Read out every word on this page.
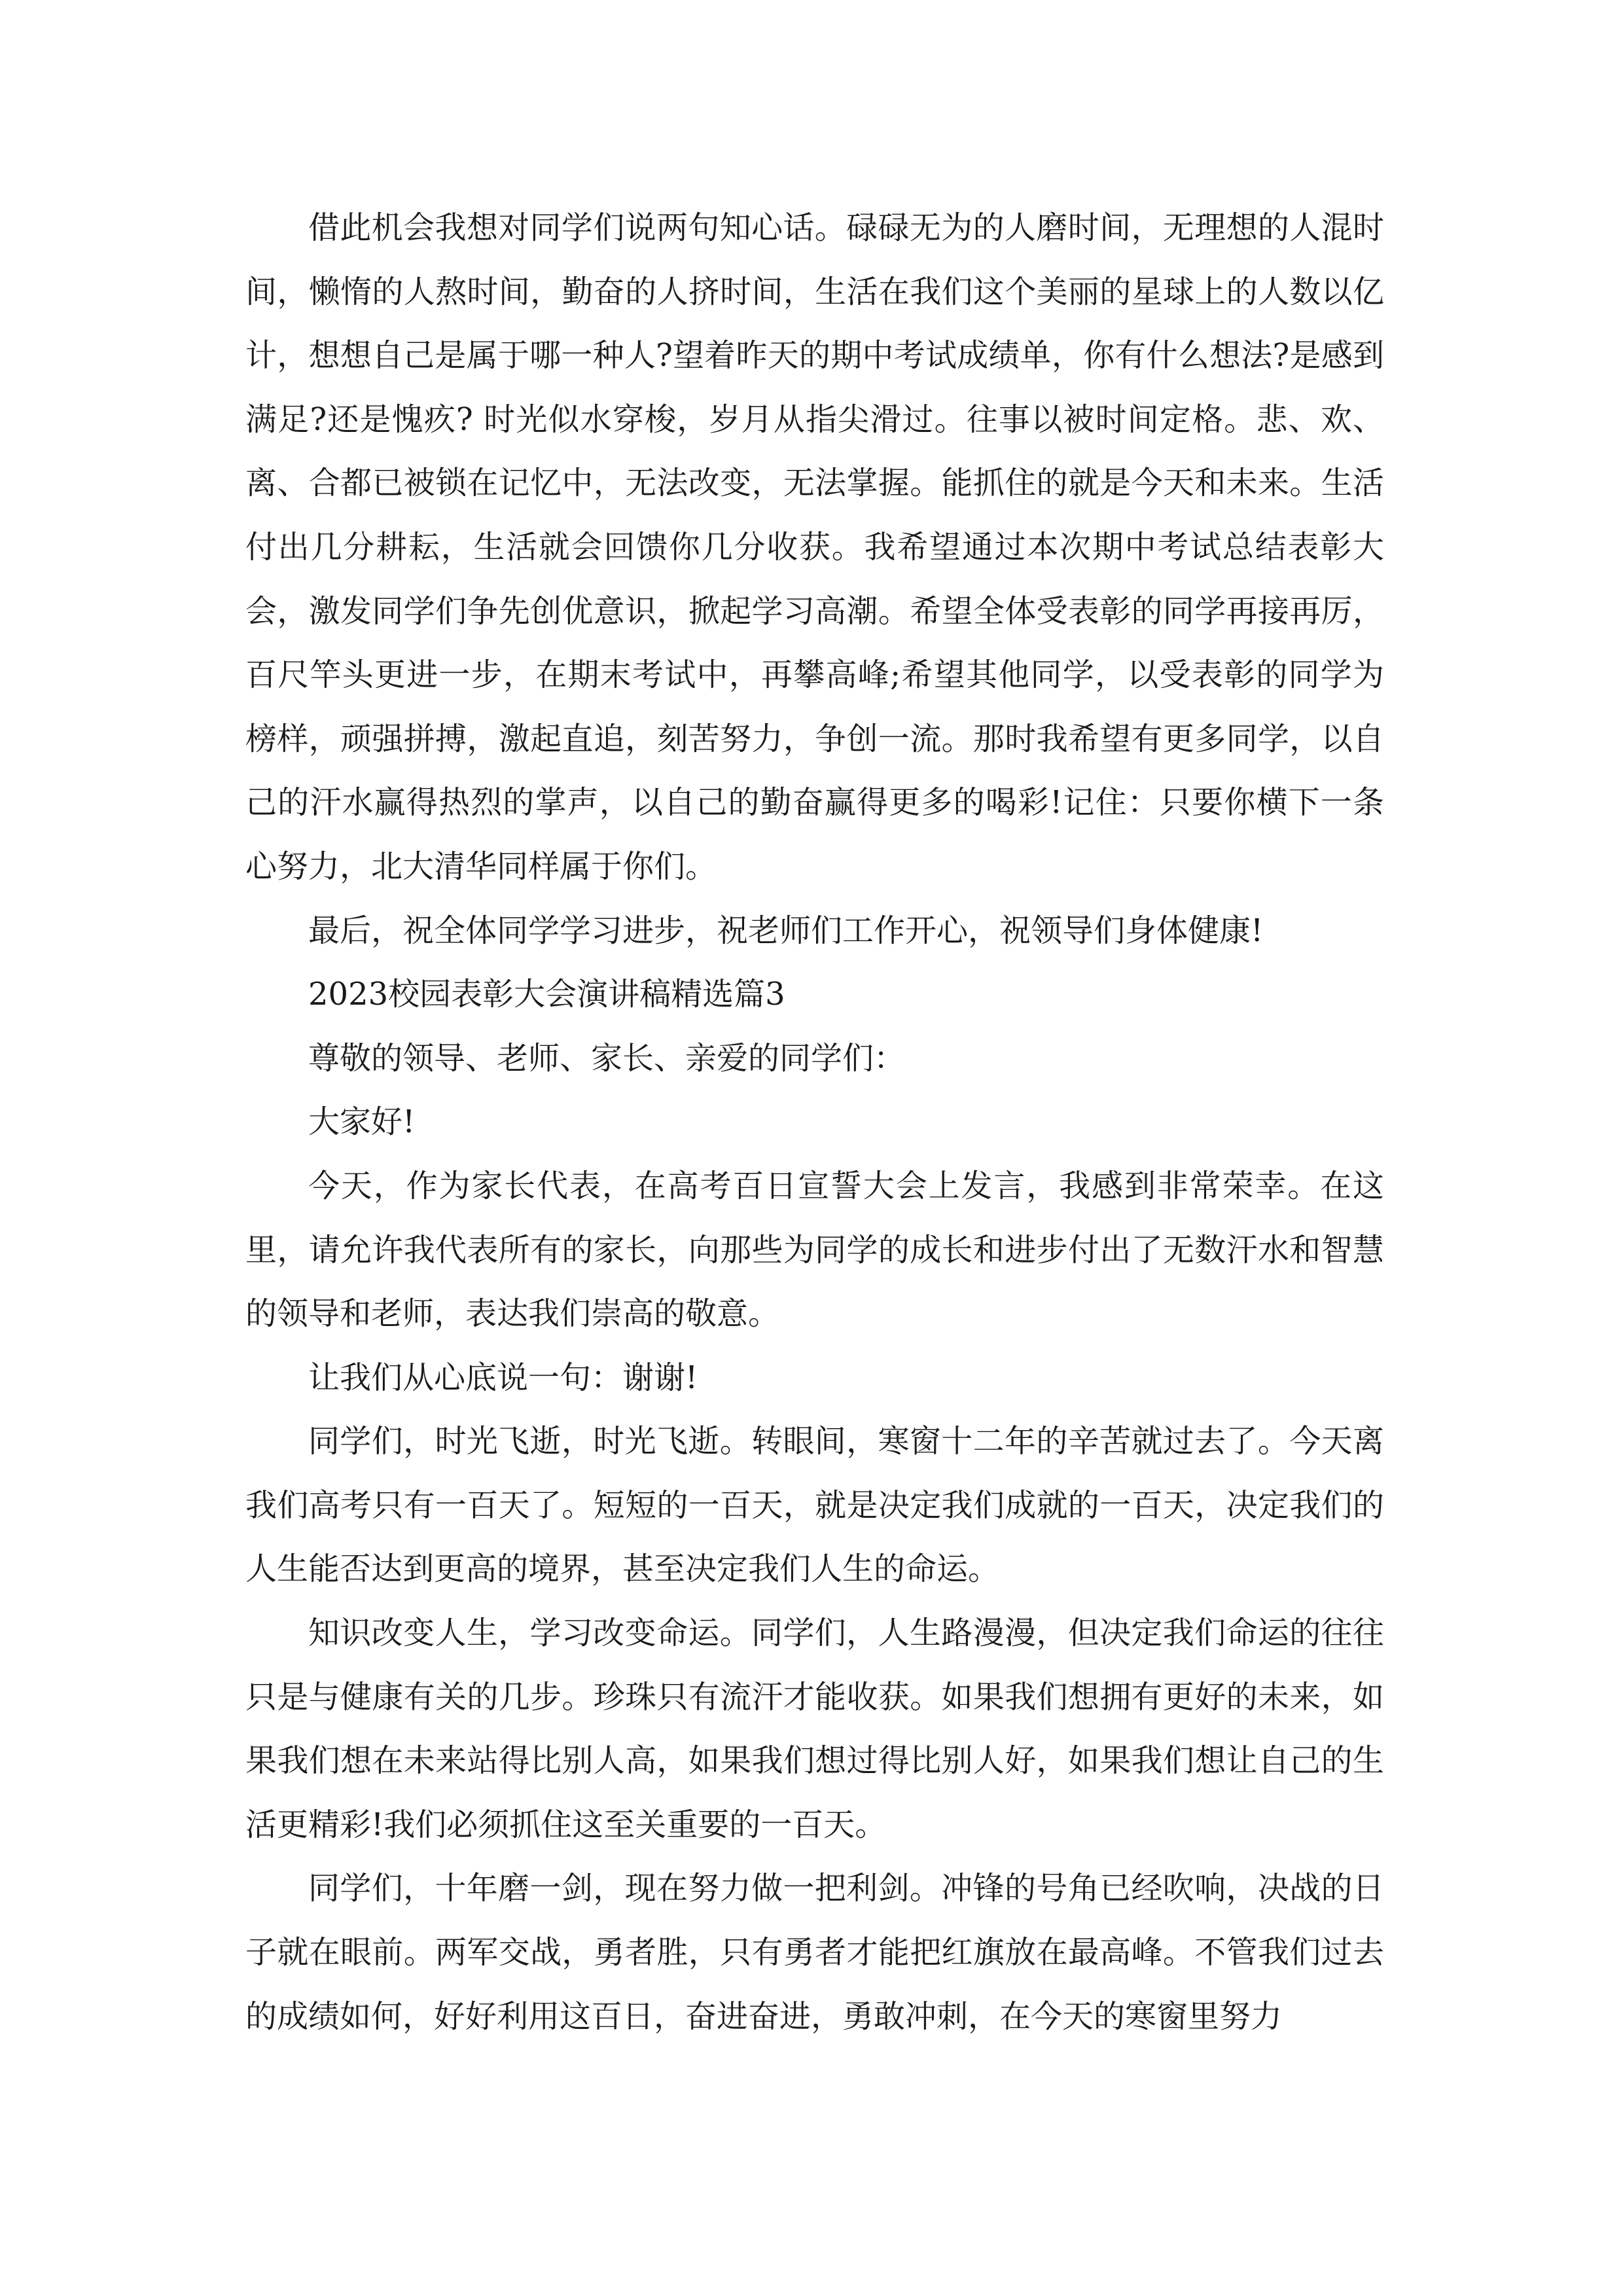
借此机会我想对同学们说两句知心话。碌碌无为的人磨时间，无理想的人混时间，懒惰的人熬时间，勤奋的人挤时间，生活在我们这个美丽的星球上的人数以亿计，想想自己是属于哪一种人?望着昨天的期中考试成绩单，你有什么想法?是感到满足?还是愧疚? 时光似水穿梭，岁月从指尖滑过。往事以被时间定格。悲、欢、离、合都已被锁在记忆中，无法改变，无法掌握。能抓住的就是今天和未来。生活付出几分耕耘，生活就会回馈你几分收获。我希望通过本次期中考试总结表彰大会，激发同学们争先创优意识，掀起学习高潮。希望全体受表彰的同学再接再厉，百尺竿头更进一步，在期末考试中，再攀高峰;希望其他同学，以受表彰的同学为榜样，顽强拼搏，激起直追，刻苦努力，争创一流。那时我希望有更多同学，以自己的汗水赢得热烈的掌声，以自己的勤奋赢得更多的喝彩!记住：只要你横下一条心努力，北大清华同样属于你们。

最后，祝全体同学学习进步，祝老师们工作开心，祝领导们身体健康!

2023校园表彰大会演讲稿精选篇3

尊敬的领导、老师、家长、亲爱的同学们：

大家好!

今天，作为家长代表，在高考百日宣誓大会上发言，我感到非常荣幸。在这里，请允许我代表所有的家长，向那些为同学的成长和进步付出了无数汗水和智慧的领导和老师，表达我们崇高的敬意。

让我们从心底说一句：谢谢!

同学们，时光飞逝，时光飞逝。转眼间，寒窗十二年的辛苦就过去了。今天离我们高考只有一百天了。短短的一百天，就是决定我们成就的一百天，决定我们的人生能否达到更高的境界，甚至决定我们人生的命运。

知识改变人生，学习改变命运。同学们，人生路漫漫，但决定我们命运的往往只是与健康有关的几步。珍珠只有流汗才能收获。如果我们想拥有更好的未来，如果我们想在未来站得比别人高，如果我们想过得比别人好，如果我们想让自己的生活更精彩!我们必须抓住这至关重要的一百天。

同学们，十年磨一剑，现在努力做一把利剑。冲锋的号角已经吹响，决战的日子就在眼前。两军交战，勇者胜，只有勇者才能把红旗放在最高峰。不管我们过去的成绩如何，好好利用这百日，奋进奋进，勇敢冲刺，在今天的寒窗里努力
